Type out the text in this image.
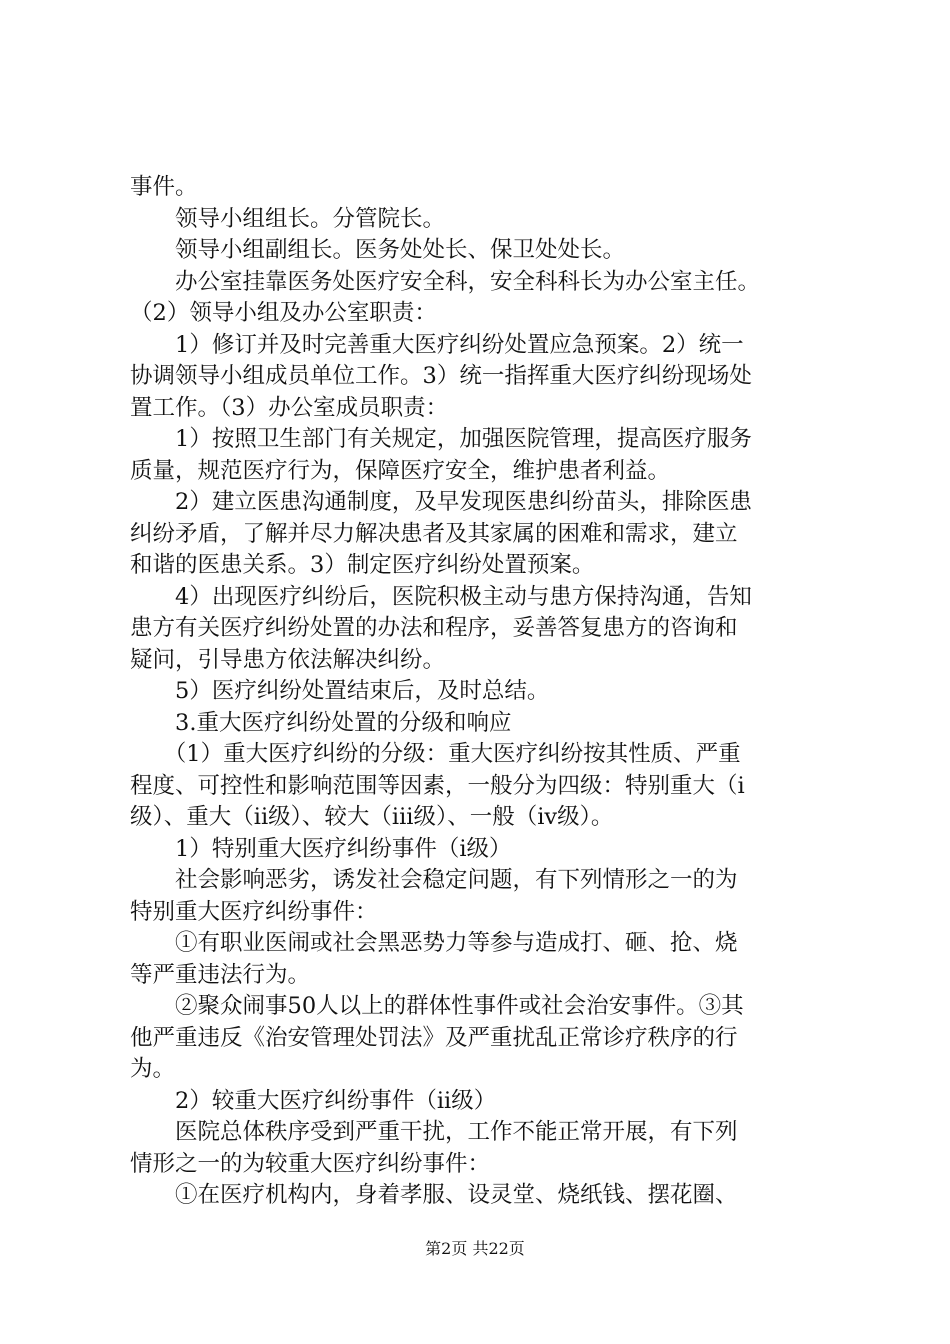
事件。
　　领导小组组长。分管院长。
　　领导小组副组长。医务处处长、保卫处处长。
　　办公室挂靠医务处医疗安全科，安全科科长为办公室主任。
（2）领导小组及办公室职责：
　　1）修订并及时完善重大医疗纠纷处置应急预案。2）统一
协调领导小组成员单位工作。3）统一指挥重大医疗纠纷现场处
置工作。（3）办公室成员职责：
　　1）按照卫生部门有关规定，加强医院管理，提高医疗服务
质量，规范医疗行为，保障医疗安全，维护患者利益。
　　2）建立医患沟通制度，及早发现医患纠纷苗头，排除医患
纠纷矛盾，了解并尽力解决患者及其家属的困难和需求，建立
和谐的医患关系。3）制定医疗纠纷处置预案。
　　4）出现医疗纠纷后，医院积极主动与患方保持沟通，告知
患方有关医疗纠纷处置的办法和程序，妥善答复患方的咨询和
疑问，引导患方依法解决纠纷。
　　5）医疗纠纷处置结束后，及时总结。
　　3.重大医疗纠纷处置的分级和响应
　　（1）重大医疗纠纷的分级：重大医疗纠纷按其性质、严重
程度、可控性和影响范围等因素，一般分为四级：特别重大（i
级）、重大（ii级）、较大（iii级）、一般（iv级）。
　　1）特别重大医疗纠纷事件（i级）
　　社会影响恶劣，诱发社会稳定问题，有下列情形之一的为
特别重大医疗纠纷事件：
　　①有职业医闹或社会黑恶势力等参与造成打、砸、抢、烧
等严重违法行为。
　　②聚众闹事50人以上的群体性事件或社会治安事件。③其
他严重违反《治安管理处罚法》及严重扰乱正常诊疗秩序的行
为。
　　2）较重大医疗纠纷事件（ii级）
　　医院总体秩序受到严重干扰，工作不能正常开展，有下列
情形之一的为较重大医疗纠纷事件：
　　①在医疗机构内，身着孝服、设灵堂、烧纸钱、摆花圈、
第2页 共22页
